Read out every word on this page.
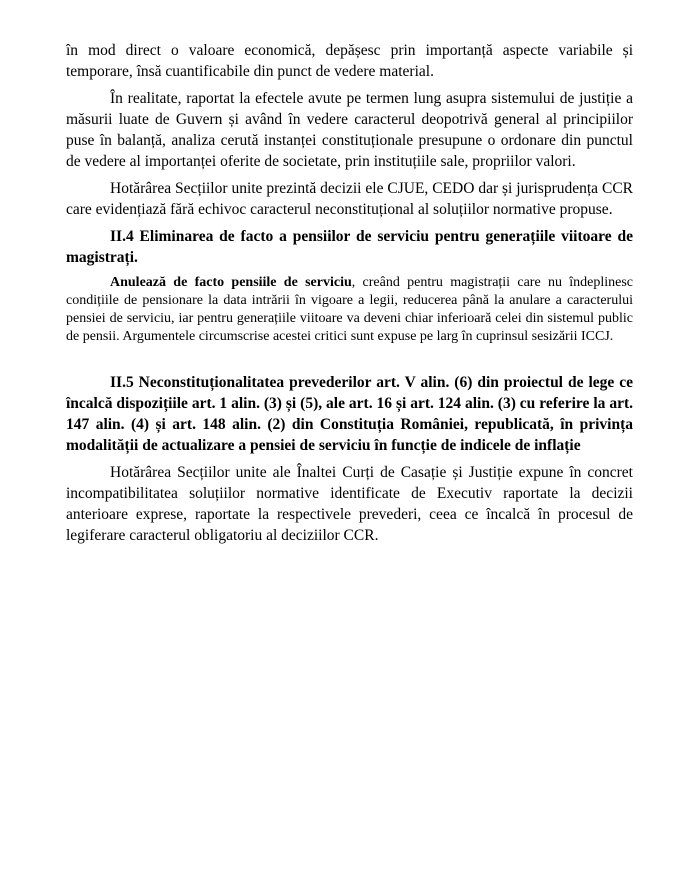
în mod direct o valoare economică, depășesc prin importanță aspecte variabile și temporare, însă cuantificabile din punct de vedere material.

În realitate, raportat la efectele avute pe termen lung asupra sistemului de justiție a măsurii luate de Guvern și având în vedere caracterul deopotrivă general al principiilor puse în balanță, analiza cerută instanței constituționale presupune o ordonare din punctul de vedere al importanței oferite de societate, prin instituțiile sale, propriilor valori.

Hotărârea Secțiilor unite prezintă decizii ele CJUE, CEDO dar și jurisprudența CCR care evidențiază fără echivoc caracterul neconstituțional al soluțiilor normative propuse.

II.4 Eliminarea de facto a pensiilor de serviciu pentru generațiile viitoare de magistrați.

Anulează de facto pensiile de serviciu, creând pentru magistrații care nu îndeplinesc condițiile de pensionare la data intrării în vigoare a legii, reducerea până la anulare a caracterului pensiei de serviciu, iar pentru generațiile viitoare va deveni chiar inferioară celei din sistemul public de pensii. Argumentele circumscrise acestei critici sunt expuse pe larg în cuprinsul sesizării ICCJ.

II.5 Neconstituționalitatea prevederilor art. V alin. (6) din proiectul de lege ce încalcă dispozițiile art. 1 alin. (3) și (5), ale art. 16 și art. 124 alin. (3) cu referire la art. 147 alin. (4) și art. 148 alin. (2) din Constituția României, republicată, în privința modalității de actualizare a pensiei de serviciu în funcție de indicele de inflație

Hotărârea Secțiilor unite ale Înaltei Curți de Casație și Justiție expune în concret incompatibilitatea soluțiilor normative identificate de Executiv raportate la decizii anterioare exprese, raportate la respectivele prevederi, ceea ce încalcă în procesul de legiferare caracterul obligatoriu al deciziilor CCR.
